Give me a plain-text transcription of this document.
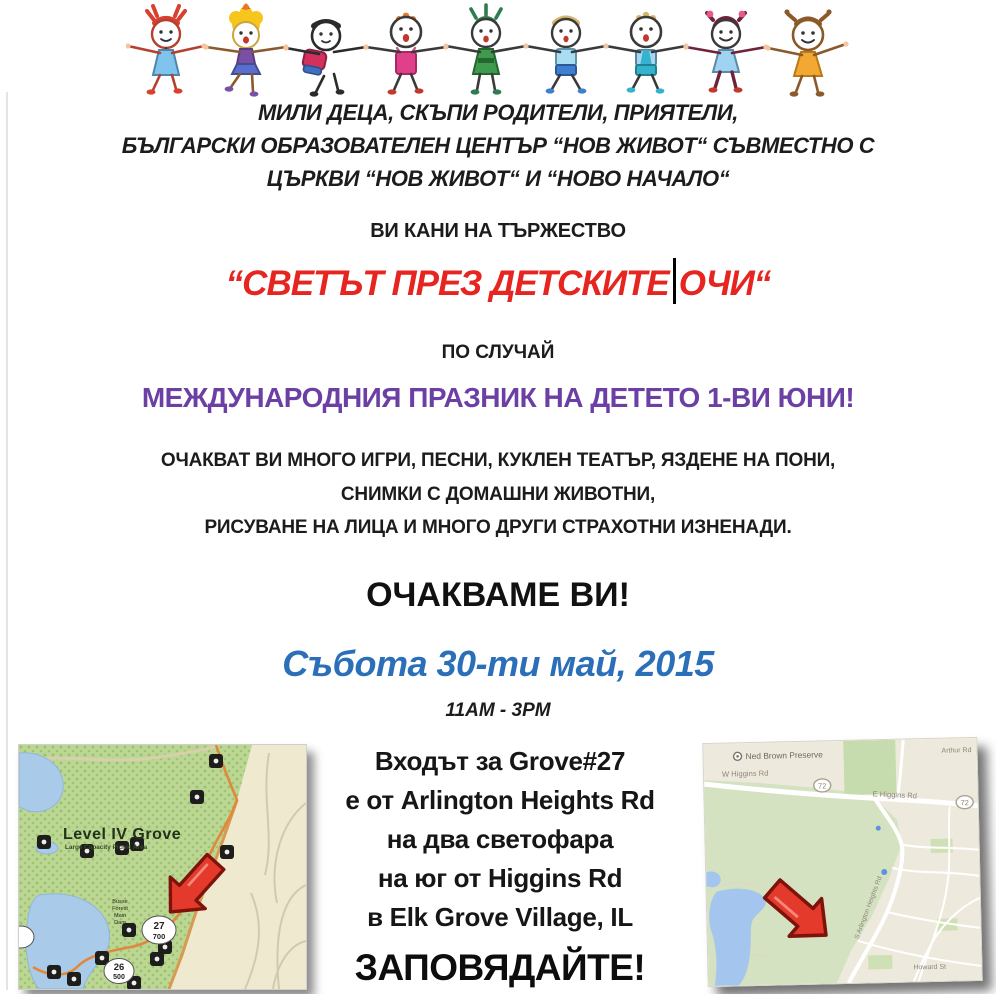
МИЛИ ДЕЦА, СКЪПИ РОДИТЕЛИ, ПРИЯТЕЛИ,
БЪЛГАРСКИ ОБРАЗОВАТЕЛЕН ЦЕНТЪР “НОВ ЖИВОТ“ СЪВМЕСТНО С
ЦЪРКВИ “НОВ ЖИВОТ“ И “НОВО НАЧАЛО“
ВИ КАНИ НА ТЪРЖЕСТВО
“СВЕТЪТ ПРЕЗ ДЕТСКИТЕ ОЧИ“
ПО СЛУЧАЙ
МЕЖДУНАРОДНИЯ ПРАЗНИК НА ДЕТЕТО 1-ВИ ЮНИ!
ОЧАКВАТ ВИ МНОГО ИГРИ, ПЕСНИ, КУКЛЕН ТЕАТЪР, ЯЗДЕНЕ НА ПОНИ,
СНИМКИ С ДОМАШНИ ЖИВОТНИ,
РИСУВАНЕ НА ЛИЦА И МНОГО ДРУГИ СТРАХОТНИ ИЗНЕНАДИ.
ОЧАКВАМЕ ВИ!
Събота 30-ти май, 2015
11AM - 3PM
Busse
Forest
Main
Dam	27
700
26
500
Level IV Grove
Large Capacity Picnic Area
Входът за Grove#27
е от Arlington Heights Rd
на два светофара
на юг от Higgins Rd
в Elk Grove Village, IL
ЗАПОВЯДАЙТЕ!
72
72
Ned Brown Preserve
W Higgins Rd
E Higgins Rd
Arthur Rd
Howard St
S Arlington Heights Rd
